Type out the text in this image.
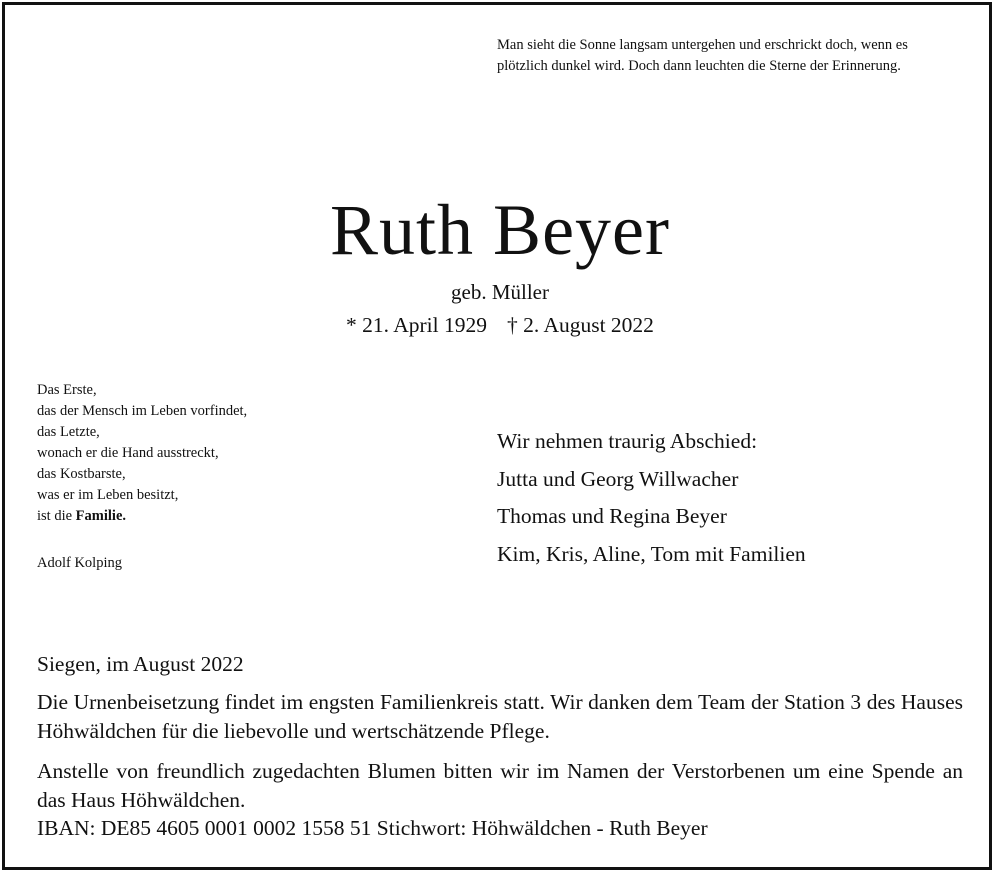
Man sieht die Sonne langsam untergehen und erschrickt doch, wenn es plötzlich dunkel wird. Doch dann leuchten die Sterne der Erinnerung.
Ruth Beyer
geb. Müller
* 21. April 1929 † 2. August 2022
Das Erste,
das der Mensch im Leben vorfindet,
das Letzte,
wonach er die Hand ausstreckt,
das Kostbarste,
was er im Leben besitzt,
ist die Familie.
Adolf Kolping
Wir nehmen traurig Abschied:
Jutta und Georg Willwacher
Thomas und Regina Beyer
Kim, Kris, Aline, Tom mit Familien
Siegen, im August 2022
Die Urnenbeisetzung findet im engsten Familienkreis statt. Wir danken dem Team der Station 3 des Hauses Höhwäldchen für die liebevolle und wertschätzende Pflege.
Anstelle von freundlich zugedachten Blumen bitten wir im Namen der Verstorbenen um eine Spende an das Haus Höhwäldchen.
IBAN: DE85 4605 0001 0002 1558 51 Stichwort: Höhwäldchen - Ruth Beyer
